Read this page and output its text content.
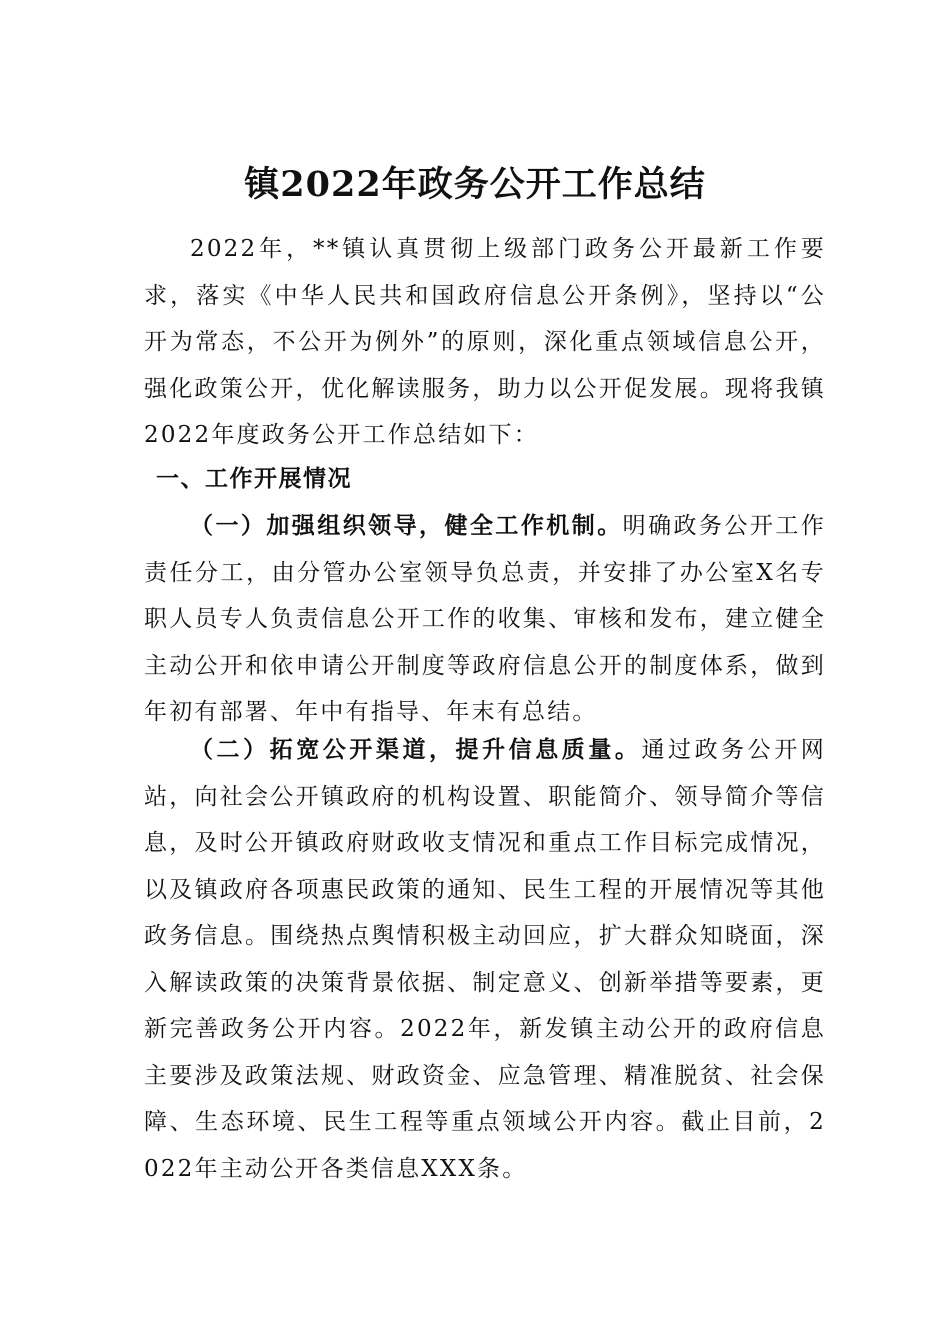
镇2022年政务公开工作总结

2022年，**镇认真贯彻上级部门政务公开最新工作要求，落实《中华人民共和国政府信息公开条例》，坚持以“公开为常态，不公开为例外”的原则，深化重点领域信息公开，强化政策公开，优化解读服务，助力以公开促发展。现将我镇2022年度政务公开工作总结如下：

一、工作开展情况

（一）加强组织领导，健全工作机制。明确政务公开工作责任分工，由分管办公室领导负总责，并安排了办公室X名专职人员专人负责信息公开工作的收集、审核和发布，建立健全主动公开和依申请公开制度等政府信息公开的制度体系，做到年初有部署、年中有指导、年末有总结。

（二）拓宽公开渠道，提升信息质量。通过政务公开网站，向社会公开镇政府的机构设置、职能简介、领导简介等信息，及时公开镇政府财政收支情况和重点工作目标完成情况，以及镇政府各项惠民政策的通知、民生工程的开展情况等其他政务信息。围绕热点舆情积极主动回应，扩大群众知晓面，深入解读政策的决策背景依据、制定意义、创新举措等要素，更新完善政务公开内容。2022年，新发镇主动公开的政府信息主要涉及政策法规、财政资金、应急管理、精准脱贫、社会保障、生态环境、民生工程等重点领域公开内容。截止目前，2022年主动公开各类信息XXX条。
